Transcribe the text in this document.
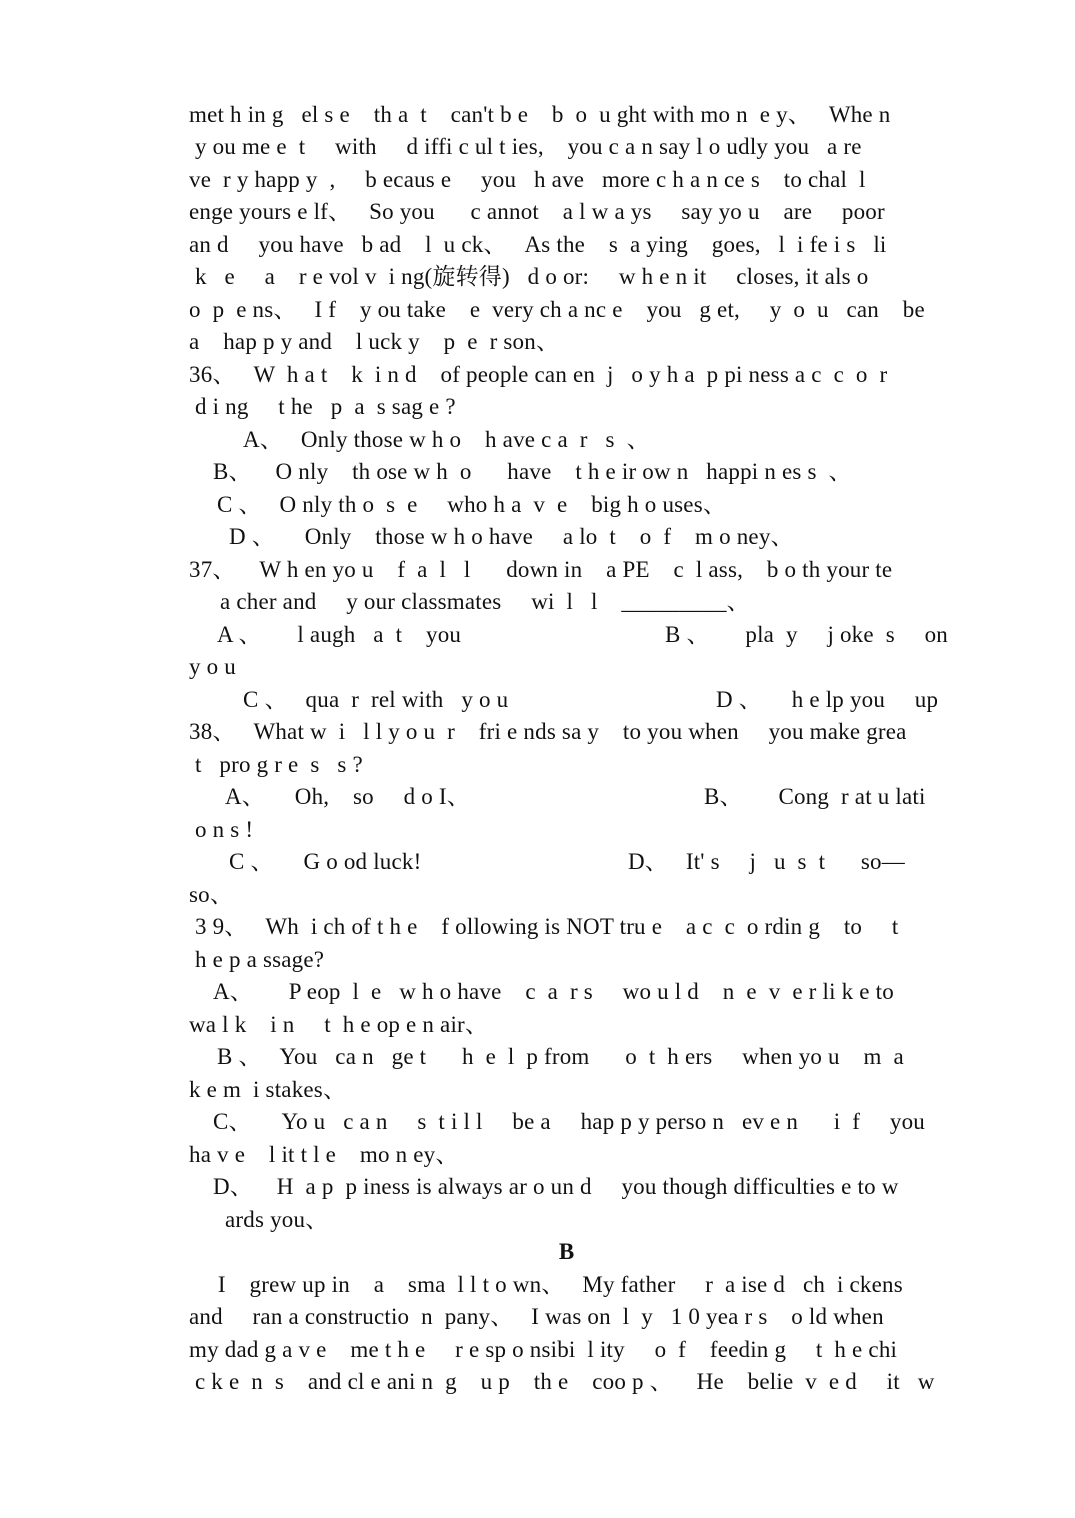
met h in g   el s e    th a  t    can't b e    b  o  u ght with mo n  e y、   Whe n
y ou me e  t     with     d iffi c ul t ies,    you c a n say l o udly you   a re
ve  r y happ y  ,     b ecaus e     you   h ave   more c h a n ce s    to chal  l
enge yours e lf、   So you      c annot    a l w a ys     say yo u    are     poor
an d     you have   b ad    l  u ck、   As the    s  a ying    goes,   l  i fe i s   li
k   e     a    r e vol v  i ng(旋转得)   d o or:     w h e n it     closes, it als o
o  p  e ns、   I f    y ou take    e  very ch a nc e    you   g et,     y  o  u   can    be
a    hap p y and    l uck y    p  e  r son、
36、   W  h a t    k  i n d    of people can en  j   o y h a  p pi ness a c  c  o  r
d i ng     t he   p  a  s sag e ?
A、   Only those w h o    h ave c a  r   s  、
B、    O nly    th ose w h  o      have    t h e ir ow n   happi n es s  、
C 、   O nly th o  s  e     who h a  v  e    big h o uses、
D 、     Only    those w h o have     a lo  t    o  f    m o ney、
37、    W h en yo u    f  a  l   l      down in    a PE    c  l ass,    b o th your te
a cher and     y our classmates     wi  l   l    _________、
A 、      l augh   a  t    you	B 、      pla  y     j oke  s     on
y o u
C 、   qua  r  rel with   y o u	D 、     h e lp you     up
38、   What w  i   l l y o u  r    fri e nds sa y    to you when     you make grea
t   pro g r e  s   s ?
A、     Oh,    so     d o I、	B、      Cong  r at u lati
o n s !
C 、     G o od luck!	D、   It' s     j   u  s  t      so—
so、
3 9、   Wh  i ch of t h e    f ollowing is NOT tru e    a c  c  o rdin g    to     t
h e p a ssage?
A、      P eop  l  e   w h o have    c  a  r s     wo u l d    n  e  v  e r li k e to
wa l k    i n     t  h e op e n air、
B 、   You   ca n   ge t      h  e  l  p from      o  t  h ers     when yo u    m  a
k e m  i stakes、
C、     Yo u   c a n     s  t i l l     be a     hap p y perso n   ev e n      i  f     you
ha v e    l it t l e    mo n ey、
D、    H  a p  p iness is always ar o un d     you though difficulties e to w
ards you、
B
I    grew up in    a    sma  l l t o wn、   My father     r  a ise d   ch  i ckens
and     ran a constructio  n  pany、   I was on  l  y   1 0 yea r s    o ld when
my dad g a v e    me t h e     r e sp o nsibi  l ity     o  f    feedin g     t  h e chi
c k e  n  s    and cl e ani n  g    u p    th e    coo p 、    He    belie  v  e d     it   w
